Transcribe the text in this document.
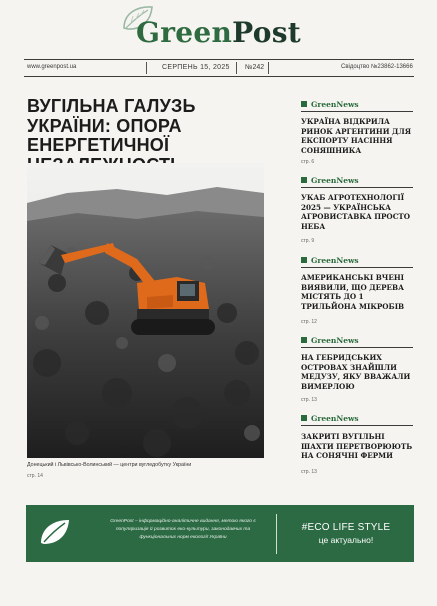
GreenPost
www.greenpost.ua	СЕРПЕНЬ 15, 2025 №242	Свідоцтво №23862-13666
ВУГІЛЬНА ГАЛУЗЬ УКРАЇНИ: ОПОРА ЕНЕРГЕТИЧНОЇ
Донецький і Львівсько-Волинський — центри вугледобутку України
стр. 14
GreenNews
УКРАЇНА ВІДКРИЛА РИНОК АРГЕНТИНИ ДЛЯ ЕКСПОРТУ НАСІННЯ СОНЯШНИКА
стр. 6
GreenNews
УКАБ АГРОТЕХНОЛОГІЇ 2025 — УКРАЇНСЬКА АГРОВИСТАВКА ПРОСТО НЕБА
стр. 9
GreenNews
АМЕРИКАНСЬКІ ВЧЕНІ ВИЯВИЛИ, ЩО ДЕРЕВА МІСТЯТЬ ДО 1 ТРИЛЬЙОНА МІКРОБІВ
стр. 12
GreenNews
НА ГЕБРИДСЬКИХ ОСТРОВАХ ЗНАЙШЛИ МЕДУЗУ, ЯКУ ВВАЖАЛИ ВИМЕРЛОЮ
стр. 13
GreenNews
ЗАКРИТІ ВУГІЛЬНІ ШАХТИ ПЕРЕТВОРЮЮТЬ НА СОНЯЧНІ ФЕРМИ
стр. 13
GreenPost – інформаційно-аналітичне видання, метою якого є популяризація й розвиток еко-культури, законодавчих та функціональних норм екології України
#ECO LIFE STYLE
це актуально!
